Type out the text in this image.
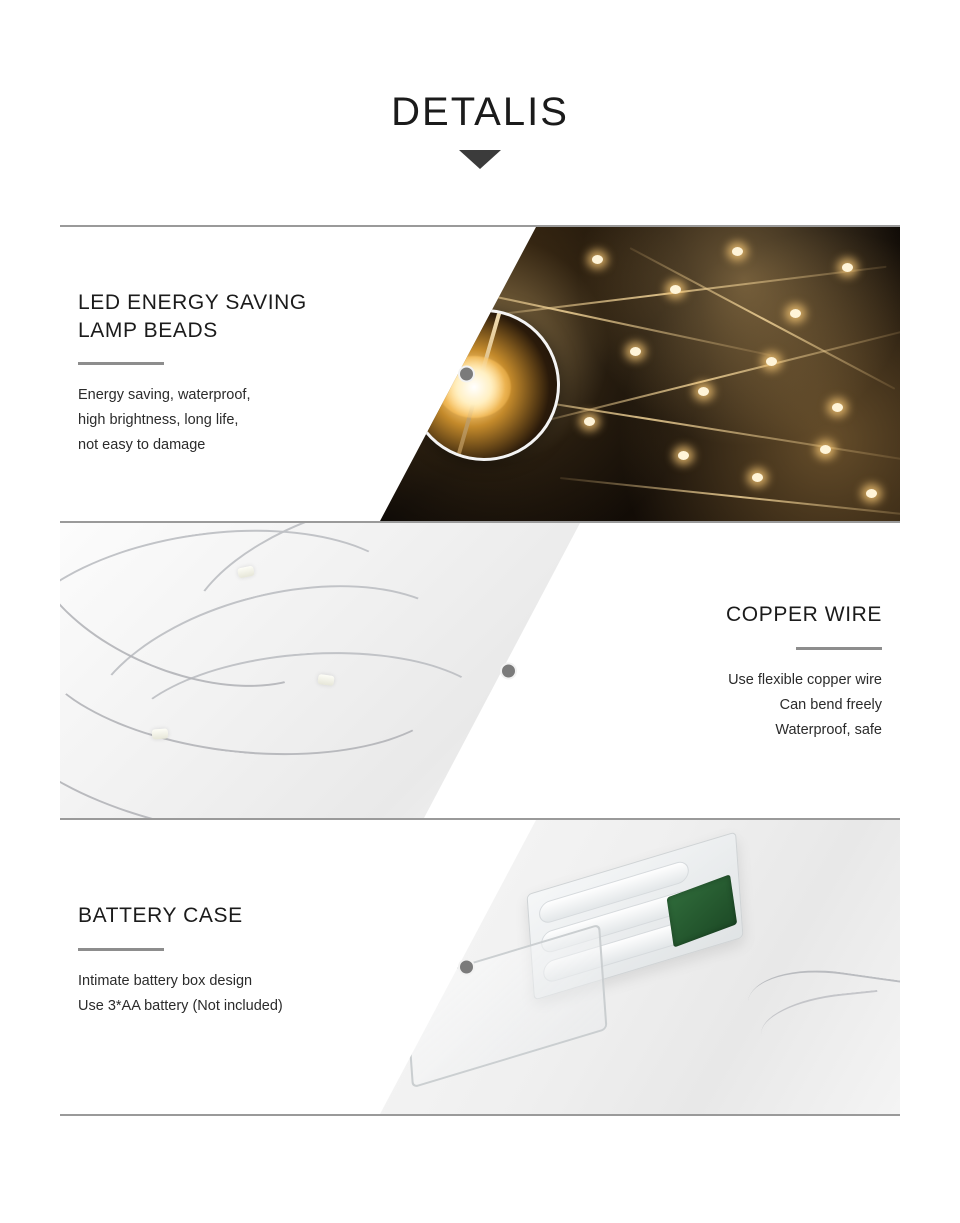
DETALIS
LED ENERGY SAVING
LAMP BEADS
Energy saving, waterproof,
high brightness, long life,
not easy to damage
COPPER WIRE
Use flexible copper wire
Can bend freely
Waterproof, safe
BATTERY CASE
Intimate battery box design
Use 3*AA battery (Not included)
